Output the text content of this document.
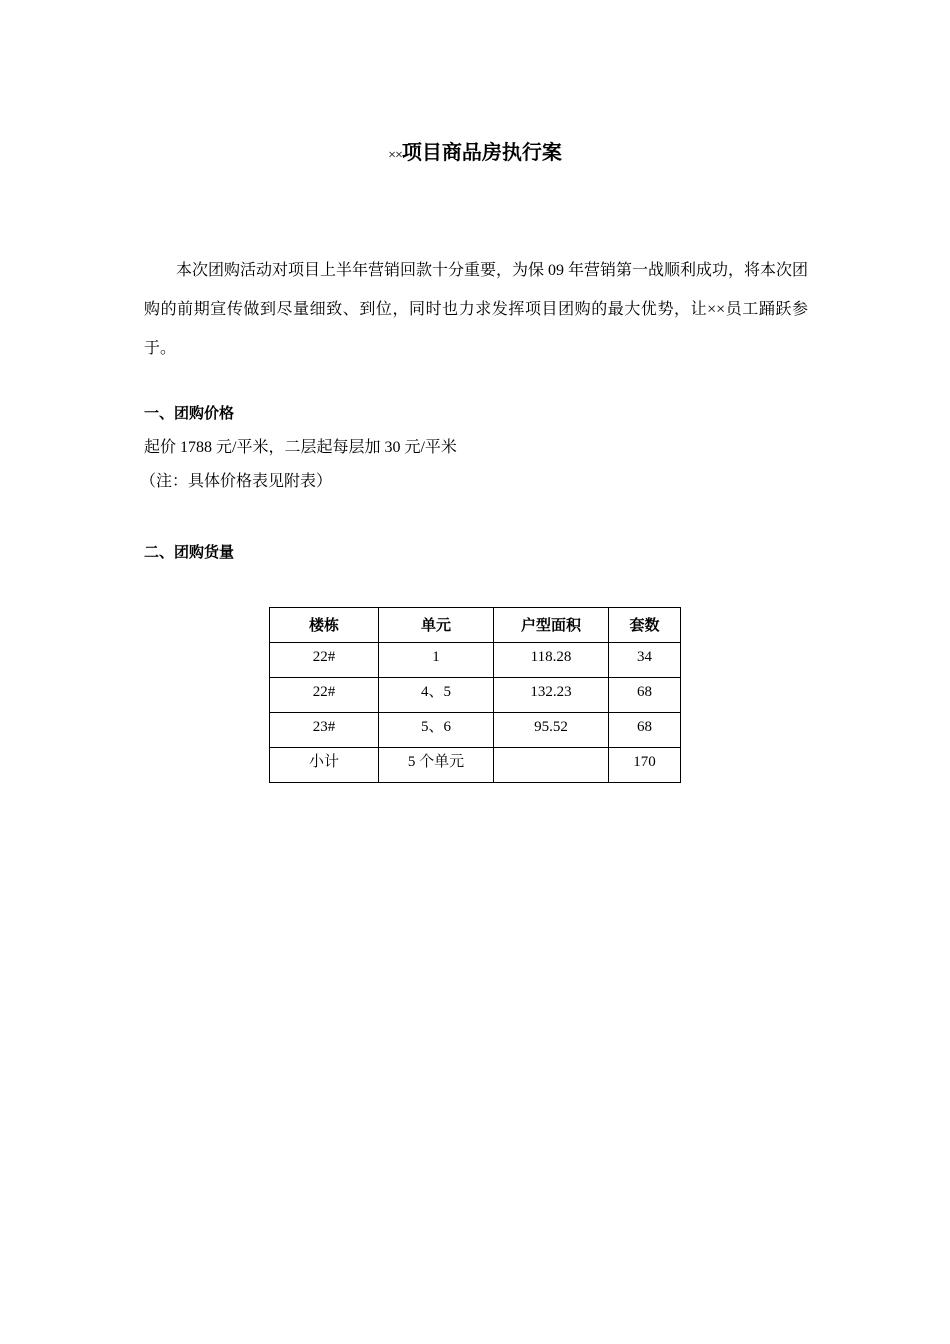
××项目商品房执行案

本次团购活动对项目上半年营销回款十分重要，为保 09 年营销第一战顺利成功，将本次团购的前期宣传做到尽量细致、到位，同时也力求发挥项目团购的最大优势，让××员工踊跃参于。

一、团购价格

起价 1788 元/平米，二层起每层加 30 元/平米

（注：具体价格表见附表）

二、团购货量

楼栋	单元	户型面积	套数
22#	1	118.28	34
22#	4、5	132.23	68
23#	5、6	95.52	68
小计	5 个单元		170
